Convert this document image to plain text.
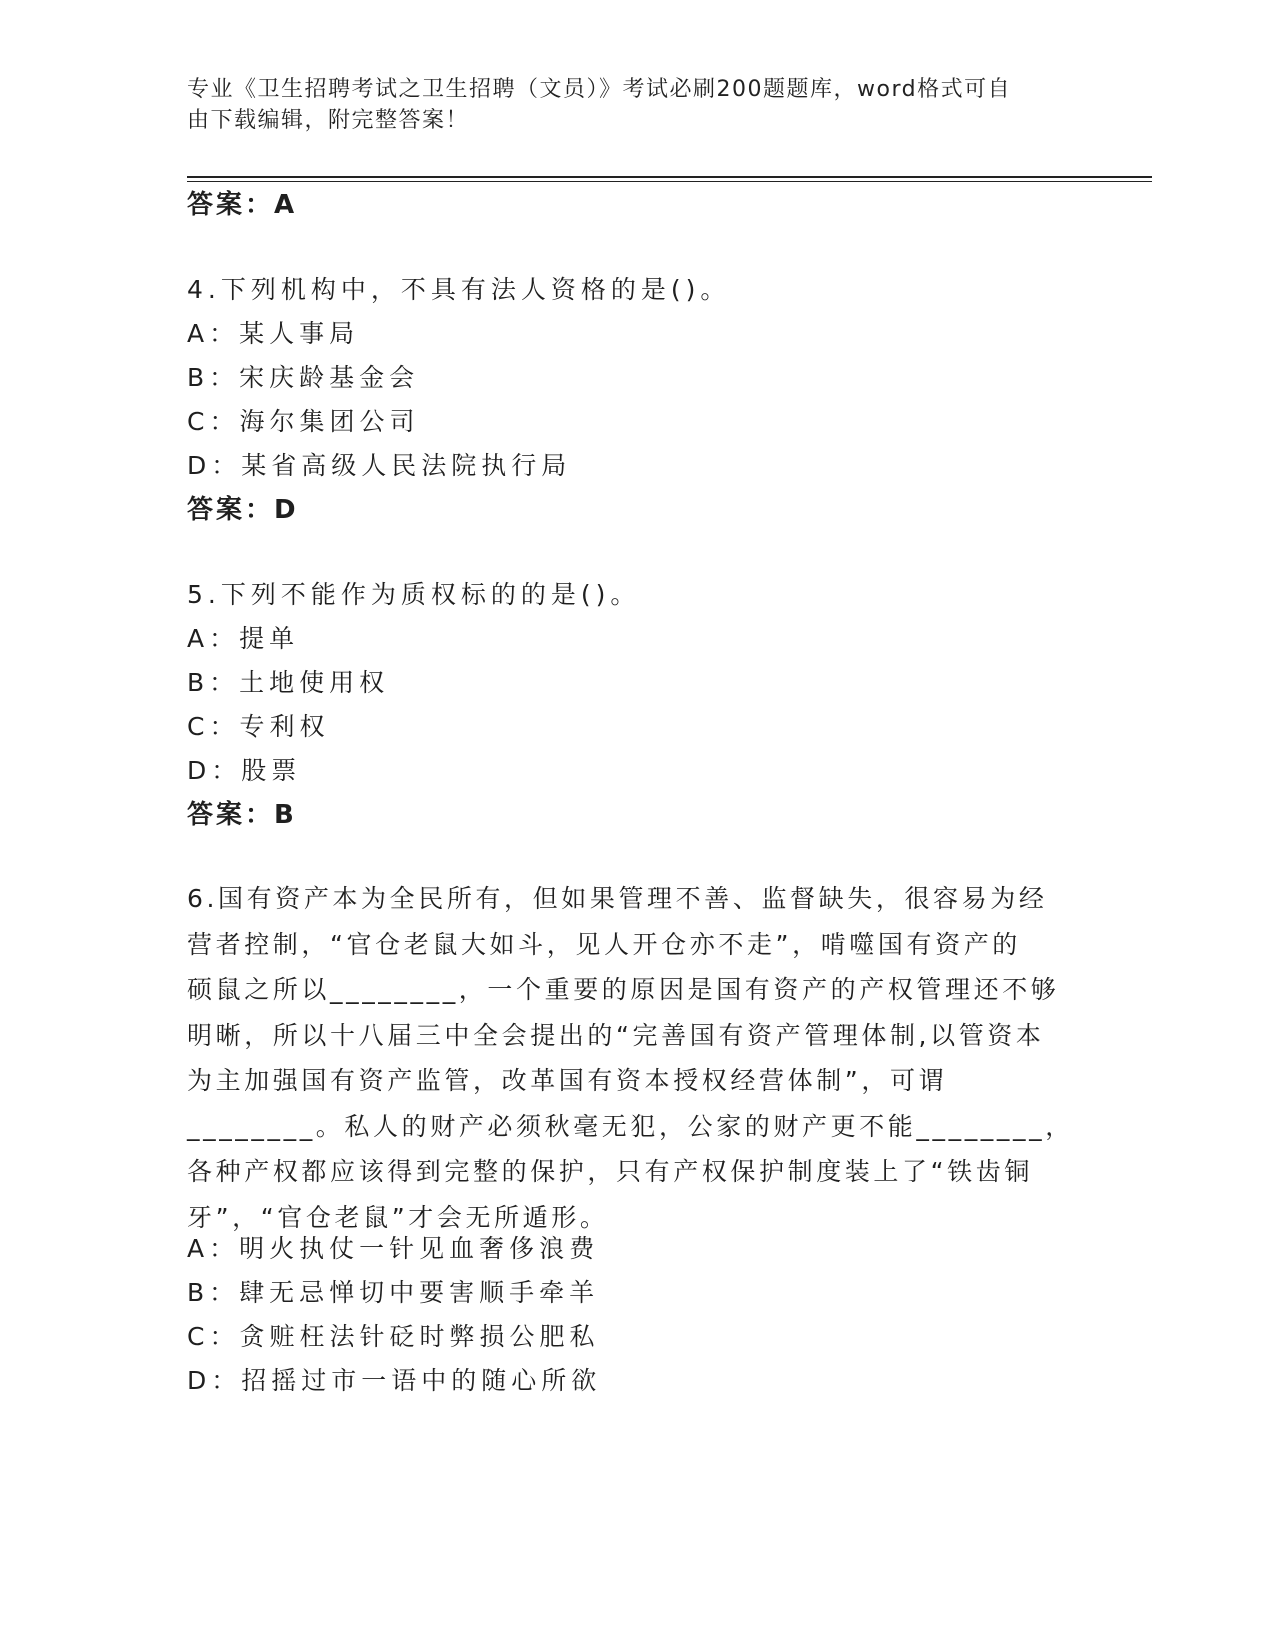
专业《卫生招聘考试之卫生招聘（文员）》考试必刷200题题库，word格式可自
由下载编辑，附完整答案！
答案：A
4.下列机构中，不具有法人资格的是()。
A：某人事局
B：宋庆龄基金会
C：海尔集团公司
D：某省高级人民法院执行局
答案：D
5.下列不能作为质权标的的是()。
A：提单
B：土地使用权
C：专利权
D：股票
答案：B
6.国有资产本为全民所有，但如果管理不善、监督缺失，很容易为经
营者控制，“官仓老鼠大如斗，见人开仓亦不走”，啃噬国有资产的
硕鼠之所以________，一个重要的原因是国有资产的产权管理还不够
明晰，所以十八届三中全会提出的“完善国有资产管理体制,以管资本
为主加强国有资产监管，改革国有资本授权经营体制”，可谓
________。私人的财产必须秋毫无犯，公家的财产更不能________，
各种产权都应该得到完整的保护，只有产权保护制度装上了“铁齿铜
牙”，“官仓老鼠”才会无所遁形。
A：明火执仗一针见血奢侈浪费
B：肆无忌惮切中要害顺手牵羊
C：贪赃枉法针砭时弊损公肥私
D：招摇过市一语中的随心所欲
